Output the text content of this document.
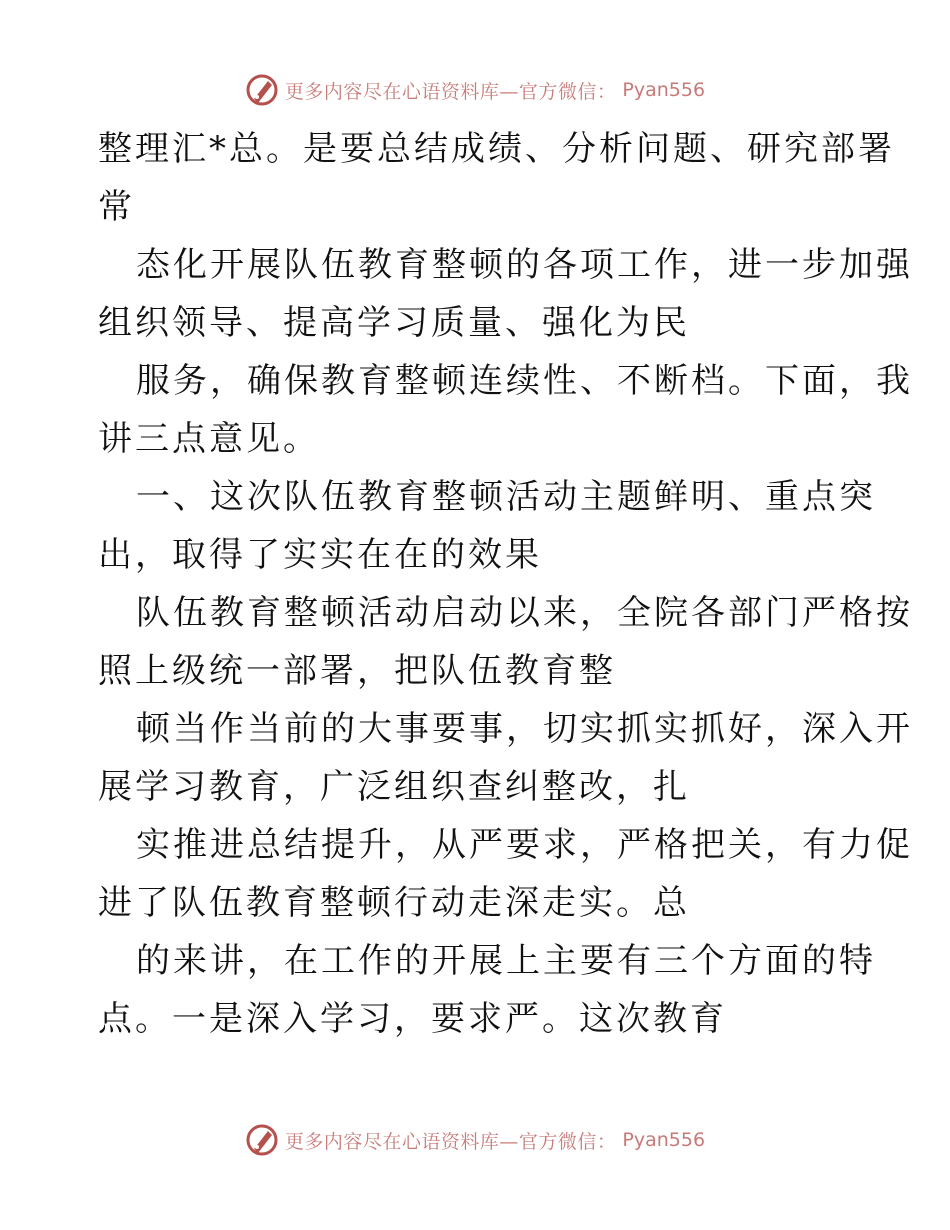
更多内容尽在心语资料库—官方微信： Pyan556
整理汇*总。是要总结成绩、分析问题、研究部署
常
态化开展队伍教育整顿的各项工作，进一步加强
组织领导、提高学习质量、强化为民
服务，确保教育整顿连续性、不断档。下面，我
讲三点意见。
一、这次队伍教育整顿活动主题鲜明、重点突
出，取得了实实在在的效果
队伍教育整顿活动启动以来，全院各部门严格按
照上级统一部署，把队伍教育整
顿当作当前的大事要事，切实抓实抓好，深入开
展学习教育，广泛组织查纠整改，扎
实推进总结提升，从严要求，严格把关，有力促
进了队伍教育整顿行动走深走实。总
的来讲，在工作的开展上主要有三个方面的特
点。一是深入学习，要求严。这次教育
更多内容尽在心语资料库—官方微信： Pyan556
